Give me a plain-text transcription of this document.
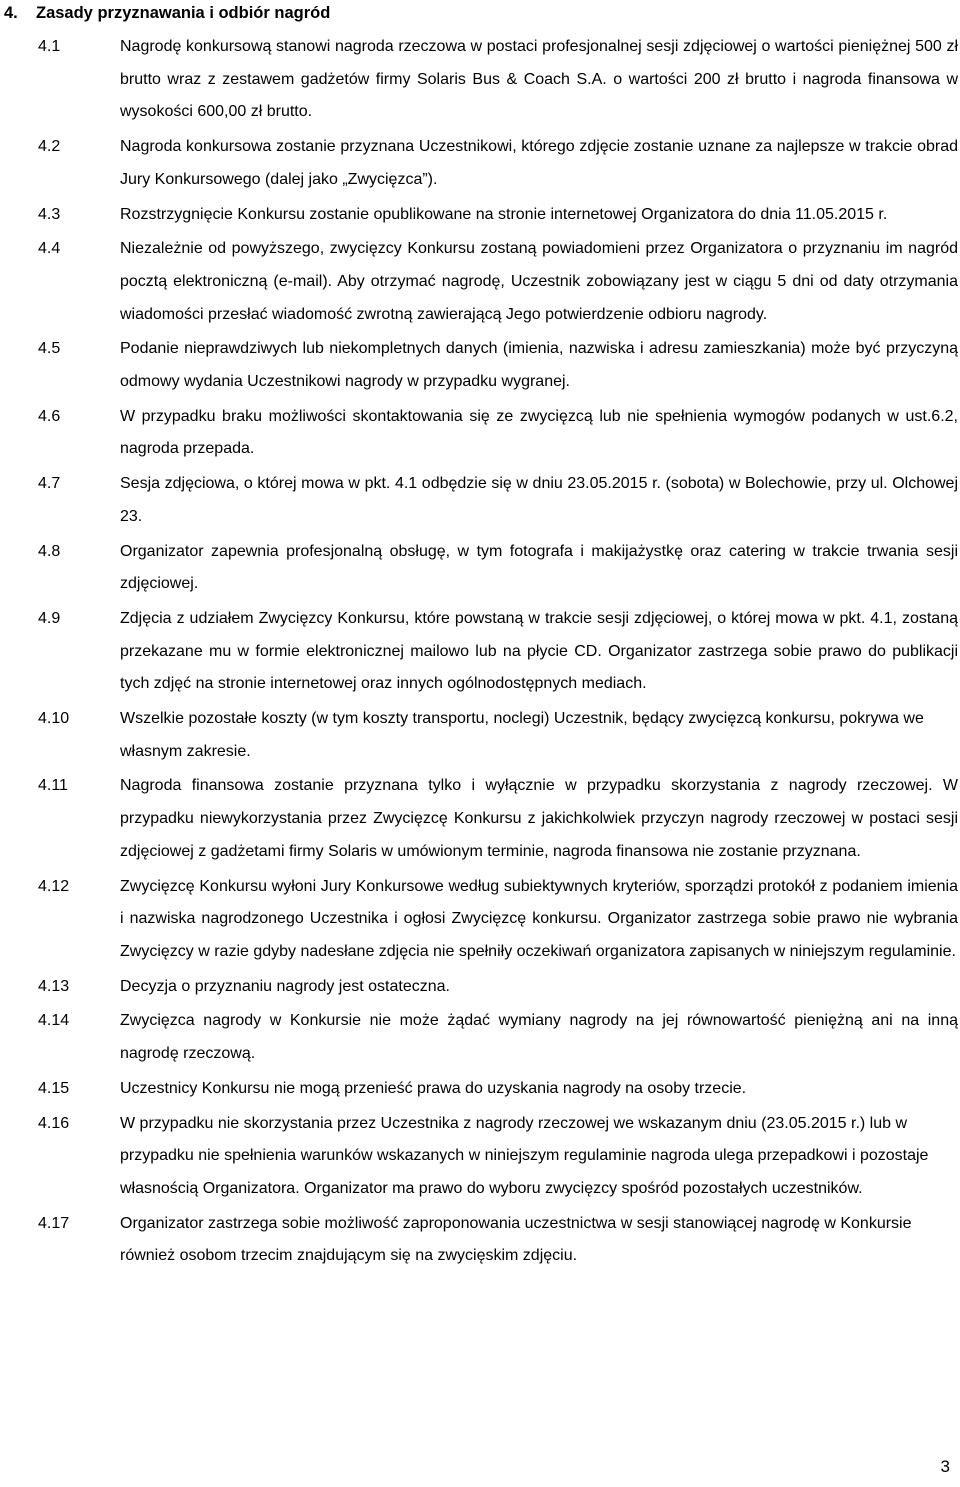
4. Zasady przyznawania i odbiór nagród
4.1	Nagrodę konkursową stanowi nagroda rzeczowa w postaci profesjonalnej sesji zdjęciowej o wartości pieniężnej 500 zł brutto wraz z zestawem gadżetów firmy Solaris Bus & Coach S.A. o wartości 200 zł brutto i nagroda finansowa w wysokości 600,00 zł brutto.
4.2	Nagroda konkursowa zostanie przyznana Uczestnikowi, którego zdjęcie zostanie uznane za najlepsze w trakcie obrad Jury Konkursowego (dalej jako „Zwycięzca”).
4.3	Rozstrzygnięcie Konkursu zostanie opublikowane na stronie internetowej Organizatora do dnia 11.05.2015 r.
4.4	Niezależnie od powyższego, zwycięzcy Konkursu zostaną powiadomieni przez Organizatora o przyznaniu im nagród pocztą elektroniczną (e-mail). Aby otrzymać nagrodę, Uczestnik zobowiązany jest w ciągu 5 dni od daty otrzymania wiadomości przesłać wiadomość zwrotną zawierającą Jego potwierdzenie odbioru nagrody.
4.5	Podanie nieprawdziwych lub niekompletnych danych (imienia, nazwiska i adresu zamieszkania) może być przyczyną odmowy wydania Uczestnikowi nagrody w przypadku wygranej.
4.6	W przypadku braku możliwości skontaktowania się ze zwycięzcą lub nie spełnienia wymogów podanych w ust.6.2, nagroda przepada.
4.7	Sesja zdjęciowa, o której mowa w pkt. 4.1 odbędzie się w dniu 23.05.2015 r. (sobota) w Bolechowie, przy ul. Olchowej 23.
4.8	Organizator zapewnia profesjonalną obsługę, w tym fotografa i makijażystkę oraz catering w trakcie trwania sesji zdjęciowej.
4.9	Zdjęcia z udziałem Zwycięzcy Konkursu, które powstaną w trakcie sesji zdjęciowej, o której mowa w pkt. 4.1, zostaną przekazane mu w formie elektronicznej mailowo lub na płycie CD. Organizator zastrzega sobie prawo do publikacji tych zdjęć na stronie internetowej oraz innych ogólnodostępnych mediach.
4.10	Wszelkie pozostałe koszty (w tym koszty transportu, noclegi) Uczestnik, będący zwycięzcą konkursu, pokrywa we własnym zakresie.
4.11	Nagroda finansowa zostanie przyznana tylko i wyłącznie w przypadku skorzystania z nagrody rzeczowej. W przypadku niewykorzystania przez Zwycięzcę Konkursu z jakichkolwiek przyczyn nagrody rzeczowej w postaci sesji zdjęciowej z gadżetami firmy Solaris w umówionym terminie, nagroda finansowa nie zostanie przyznana.
4.12	Zwycięzcę Konkursu wyłoni Jury Konkursowe według subiektywnych kryteriów, sporządzi protokół z podaniem imienia i nazwiska nagrodzonego Uczestnika i ogłosi Zwycięzcę konkursu. Organizator zastrzega sobie prawo nie wybrania Zwycięzcy w razie gdyby nadesłane zdjęcia nie spełniły oczekiwań organizatora zapisanych w niniejszym regulaminie.
4.13	Decyzja o przyznaniu nagrody jest ostateczna.
4.14	Zwycięzca nagrody w Konkursie nie może żądać wymiany nagrody na jej równowartość pieniężną ani na inną nagrodę rzeczową.
4.15	Uczestnicy Konkursu nie mogą przenieść prawa do uzyskania nagrody na osoby trzecie.
4.16	W przypadku nie skorzystania przez Uczestnika z nagrody rzeczowej we wskazanym dniu (23.05.2015 r.) lub w przypadku nie spełnienia warunków wskazanych w niniejszym regulaminie nagroda ulega przepadkowi i pozostaje własnością Organizatora. Organizator ma prawo do wyboru zwycięzcy spośród pozostałych uczestników.
4.17	Organizator zastrzega sobie możliwość zaproponowania uczestnictwa w sesji stanowiącej nagrodę w Konkursie również osobom trzecim znajdującym się na zwycięskim zdjęciu.
3
